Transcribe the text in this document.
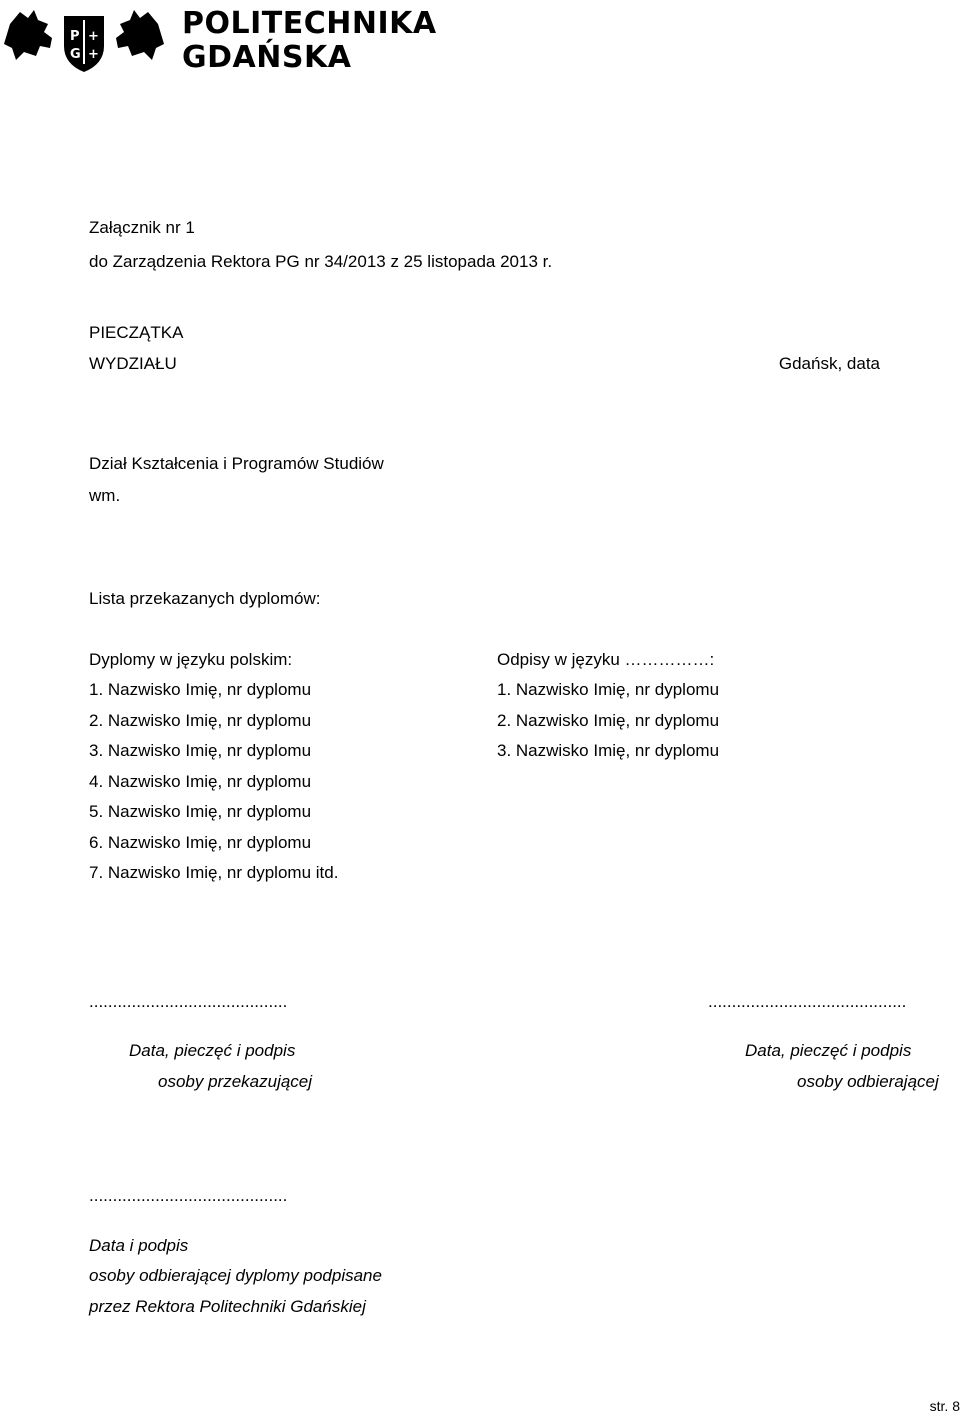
P
G
+
+
POLITECHNIKA
GDAŃSKA
Załącznik nr 1
do Zarządzenia Rektora PG nr 34/2013 z 25 listopada 2013 r.
PIECZĄTKA
WYDZIAŁU	Gdańsk, data
Dział Kształcenia i Programów Studiów
wm.
Lista przekazanych dyplomów:
Dyplomy w języku polskim:
1. Nazwisko Imię, nr dyplomu
2. Nazwisko Imię, nr dyplomu
3. Nazwisko Imię, nr dyplomu
4. Nazwisko Imię, nr dyplomu
5. Nazwisko Imię, nr dyplomu
6. Nazwisko Imię, nr dyplomu
7. Nazwisko Imię, nr dyplomu itd.
Odpisy w języku ……………:
1. Nazwisko Imię, nr dyplomu
2. Nazwisko Imię, nr dyplomu
3. Nazwisko Imię, nr dyplomu
..........................................	..........................................
Data, pieczęć i podpis
osoby przekazującej
Data, pieczęć i podpis
osoby odbierającej
..........................................
Data i podpis
osoby odbierającej dyplomy podpisane
przez Rektora Politechniki Gdańskiej
str. 8
